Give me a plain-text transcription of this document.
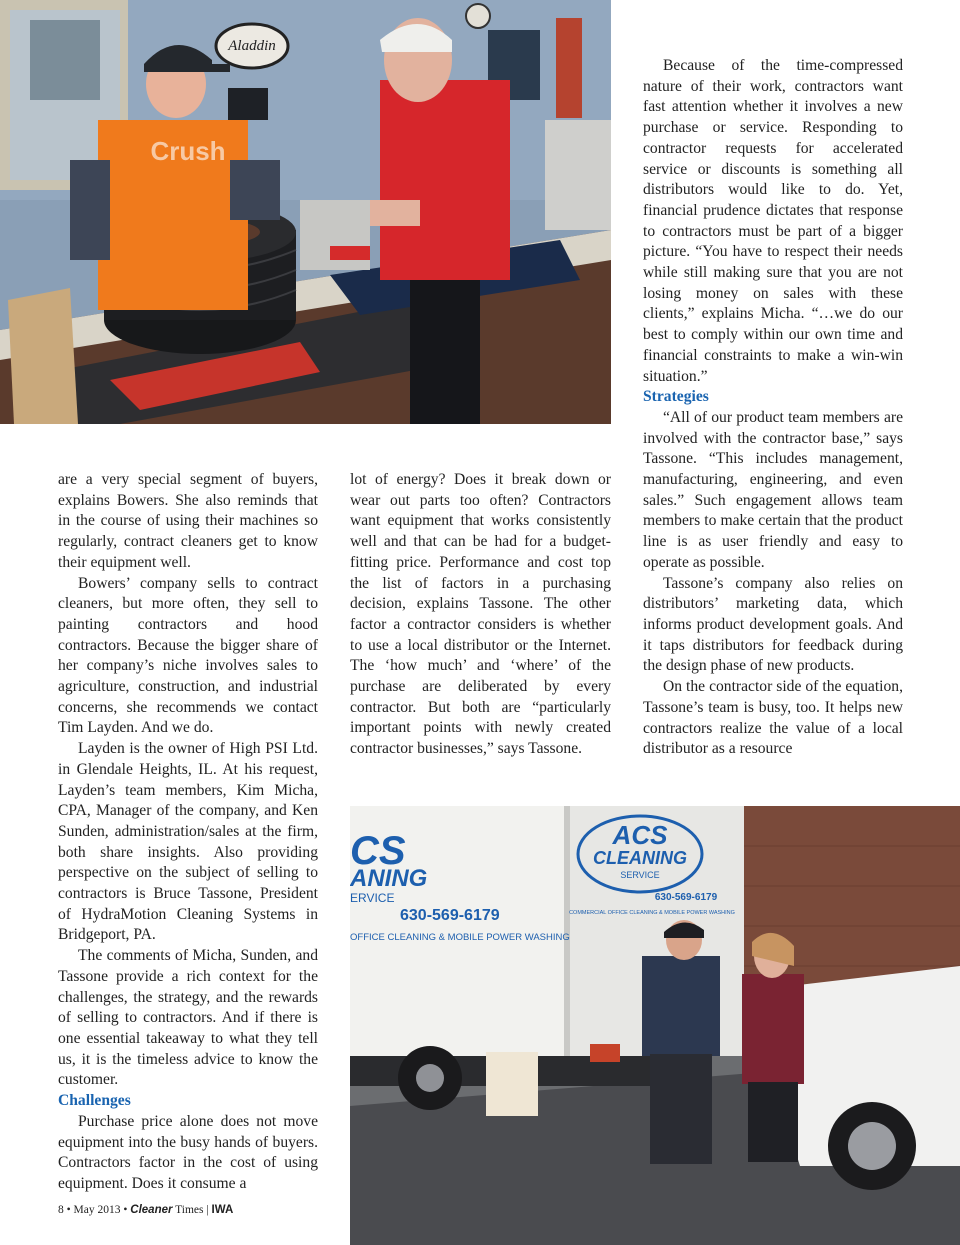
Aladdin
Crush

are a very special segment of buyers, explains Bowers. She also reminds that in the course of using their machines so regularly, contract cleaners get to know their equipment well.

Bowers’ company sells to contract cleaners, but more often, they sell to painting contractors and hood contractors. Because the bigger share of her company’s niche involves sales to agriculture, construction, and industrial concerns, she recommends we contact Tim Layden. And we do.

Layden is the owner of High PSI Ltd. in Glendale Heights, IL. At his request, Layden’s team members, Kim Micha, CPA, Manager of the company, and Ken Sunden, administration/sales at the firm, both share insights. Also providing perspective on the subject of selling to contractors is Bruce Tassone, President of HydraMotion Cleaning Systems in Bridgeport, PA.

The comments of Micha, Sunden, and Tassone provide a rich context for the challenges, the strategy, and the rewards of selling to contractors. And if there is one essential takeaway to what they tell us, it is the timeless advice to know the customer.

Challenges

Purchase price alone does not move equipment into the busy hands of buyers. Contractors factor in the cost of using equipment. Does it consume a

lot of energy? Does it break down or wear out parts too often? Contractors want equipment that works consistently well and that can be had for a budget-fitting price. Performance and cost top the list of factors in a purchasing decision, explains Tassone. The other factor a contractor considers is whether to use a local distributor or the Internet. The ‘how much’ and ‘where’ of the purchase are deliberated by every contractor. But both are “particularly important points with newly created contractor businesses,” says Tassone.

Because of the time-compressed nature of their work, contractors want fast attention whether it involves a new purchase or service. Responding to contractor requests for accelerated service or discounts is something all distributors would like to do. Yet, financial prudence dictates that response to contractors must be part of a bigger picture. “You have to respect their needs while still making sure that you are not losing money on sales with these clients,” explains Micha. “…we do our best to comply within our own time and financial constraints to make a win-win situation.”

Strategies

“All of our product team members are involved with the contractor base,” says Tassone. “This includes management, manufacturing, engineering, and even sales.” Such engagement allows team members to make certain that the product line is as user friendly and easy to operate as possible.

Tassone’s company also relies on distributors’ marketing data, which informs product development goals. And it taps distributors for feedback during the design phase of new products.

On the contractor side of the equation, Tassone’s team is busy, too. It helps new contractors realize the value of a local distributor as a resource

CS
ANING
ERVICE
630-569-6179
OFFICE CLEANING & MOBILE POWER WASHING
ACS
CLEANING
SERVICE
630-569-6179
COMMERCIAL OFFICE CLEANING & MOBILE POWER WASHING
8 • May 2013 • Cleaner Times | IWA
